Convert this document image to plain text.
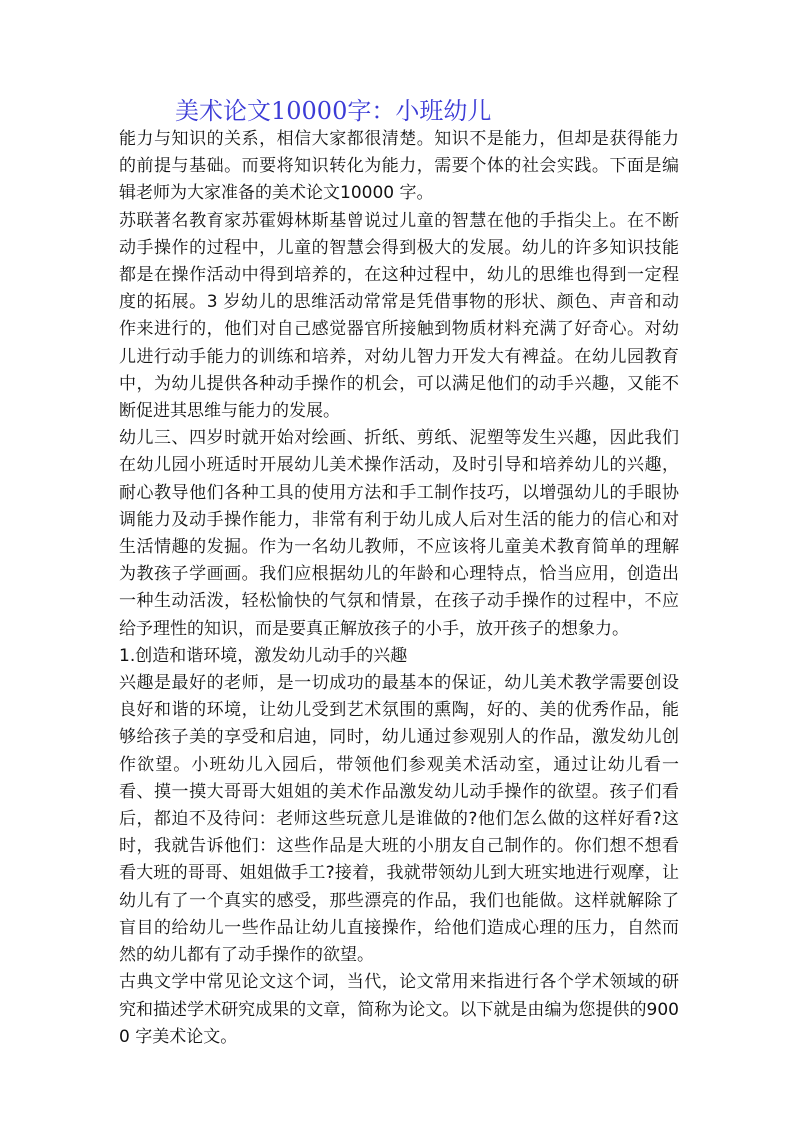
美术论文10000字：小班幼儿

能力与知识的关系，相信大家都很清楚。知识不是能力，但却是获得能力的前提与基础。而要将知识转化为能力，需要个体的社会实践。下面是编辑老师为大家准备的美术论文10000 字。

苏联著名教育家苏霍姆林斯基曾说过儿童的智慧在他的手指尖上。在不断动手操作的过程中，儿童的智慧会得到极大的发展。幼儿的许多知识技能都是在操作活动中得到培养的，在这种过程中，幼儿的思维也得到一定程度的拓展。3 岁幼儿的思维活动常常是凭借事物的形状、颜色、声音和动作来进行的，他们对自己感觉器官所接触到物质材料充满了好奇心。对幼儿进行动手能力的训练和培养，对幼儿智力开发大有裨益。在幼儿园教育中，为幼儿提供各种动手操作的机会，可以满足他们的动手兴趣，又能不断促进其思维与能力的发展。

幼儿三、四岁时就开始对绘画、折纸、剪纸、泥塑等发生兴趣，因此我们在幼儿园小班适时开展幼儿美术操作活动，及时引导和培养幼儿的兴趣，耐心教导他们各种工具的使用方法和手工制作技巧，以增强幼儿的手眼协调能力及动手操作能力，非常有利于幼儿成人后对生活的能力的信心和对生活情趣的发掘。作为一名幼儿教师，不应该将儿童美术教育简单的理解为教孩子学画画。我们应根据幼儿的年龄和心理特点，恰当应用，创造出一种生动活泼，轻松愉快的气氛和情景，在孩子动手操作的过程中，不应给予理性的知识，而是要真正解放孩子的小手，放开孩子的想象力。

1.创造和谐环境，激发幼儿动手的兴趣

兴趣是最好的老师，是一切成功的最基本的保证，幼儿美术教学需要创设良好和谐的环境，让幼儿受到艺术氛围的熏陶，好的、美的优秀作品，能够给孩子美的享受和启迪，同时，幼儿通过参观别人的作品，激发幼儿创作欲望。小班幼儿入园后，带领他们参观美术活动室，通过让幼儿看一看、摸一摸大哥哥大姐姐的美术作品激发幼儿动手操作的欲望。孩子们看后，都迫不及待问：老师这些玩意儿是谁做的?他们怎么做的这样好看?这时，我就告诉他们：这些作品是大班的小朋友自己制作的。你们想不想看看大班的哥哥、姐姐做手工?接着，我就带领幼儿到大班实地进行观摩，让幼儿有了一个真实的感受，那些漂亮的作品，我们也能做。这样就解除了盲目的给幼儿一些作品让幼儿直接操作，给他们造成心理的压力，自然而然的幼儿都有了动手操作的欲望。

古典文学中常见论文这个词，当代，论文常用来指进行各个学术领域的研究和描述学术研究成果的文章，简称为论文。以下就是由编为您提供的9000 字美术论文。
